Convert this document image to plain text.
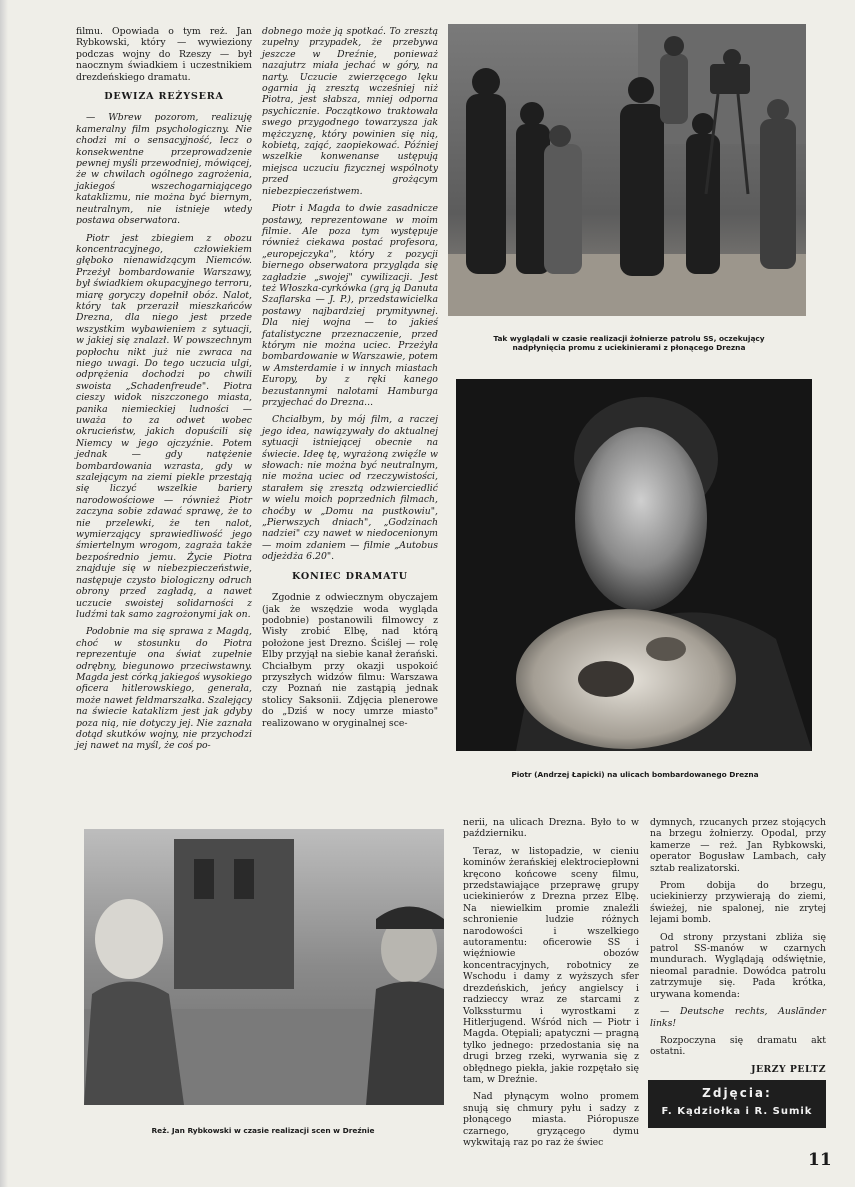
filmu. Opowiada o tym reż. Jan Rybkowski, który — wywieziony podczas wojny do Rzeszy — był naocznym świadkiem i uczestnikiem drezdeńskiego dramatu.

DEWIZA REŻYSERA

— Wbrew pozorom, realizuję kameralny film psychologiczny. Nie chodzi mi o sensacyjność, lecz o konsekwentne przeprowadzenie pewnej myśli przewodniej, mówiącej, że w chwilach ogólnego zagrożenia, jakiegoś wszechogarniającego kataklizmu, nie można być biernym, neutralnym, nie istnieje wtedy postawa obserwatora.

Piotr jest zbiegiem z obozu koncentracyjnego, człowiekiem głęboko nienawidzącym Niemców. Przeżył bombardowanie Warszawy, był świadkiem okupacyjnego terroru, miarę goryczy dopełnił obóz. Nalot, który tak przeraził mieszkańców Drezna, dla niego jest przede wszystkim wybawieniem z sytuacji, w jakiej się znalazł. W powszechnym popłochu nikt już nie zwraca na niego uwagi. Do tego uczucia ulgi, odprężenia dochodzi po chwili swoista „Schadenfreude". Piotra cieszy widok niszczonego miasta, panika niemieckiej ludności — uważa to za odwet wobec okrucieństw, jakich dopuścili się Niemcy w jego ojczyźnie. Potem jednak — gdy natężenie bombardowania wzrasta, gdy w szalejącym na ziemi piekle przestają się liczyć wszelkie bariery narodowościowe — również Piotr zaczyna sobie zdawać sprawę, że to nie przelewki, że ten nalot, wymierzający sprawiedliwość jego śmiertelnym wrogom, zagraża także bezpośrednio jemu. Życie Piotra znajduje się w niebezpieczeństwie, następuje czysto biologiczny odruch obrony przed zagładą, a nawet uczucie swoistej solidarności z ludźmi tak samo zagrożonymi jak on.

Podobnie ma się sprawa z Magdą, choć w stosunku do Piotra reprezentuje ona świat zupełnie odrębny, biegunowo przeciwstawny. Magda jest córką jakiegoś wysokiego oficera hitlerowskiego, generała, może nawet feldmarszałka. Szalejący na świecie kataklizm jest jak gdyby poza nią, nie dotyczy jej. Nie zaznała dotąd skutków wojny, nie przychodzi jej nawet na myśl, że coś po-

dobnego może ją spotkać. To zresztą zupełny przypadek, że przebywa jeszcze w Dreźnie, ponieważ nazajutrz miała jechać w góry, na narty. Uczucie zwierzęcego lęku ogarnia ją zresztą wcześniej niż Piotra, jest słabsza, mniej odporna psychicznie. Początkowo traktowała swego przygodnego towarzysza jak mężczyznę, który powinien się nią, kobietą, zająć, zaopiekować. Później wszelkie konwenanse ustępują miejsca uczuciu fizycznej wspólnoty przed grożącym niebezpieczeństwem.

Piotr i Magda to dwie zasadnicze postawy, reprezentowane w moim filmie. Ale poza tym występuje również ciekawa postać profesora, „europejczyka", który z pozycji biernego obserwatora przygląda się zagładzie „swojej" cywilizacji. Jest też Włoszka-cyrkówka (grą ją Danuta Szaflarska — J. P.), przedstawicielka postawy najbardziej prymitywnej. Dla niej wojna — to jakieś fatalistyczne przeznaczenie, przed którym nie można uciec. Przeżyła bombardowanie w Warszawie, potem w Amsterdamie i w innych miastach Europy, by z ręki kanego bezustannymi nalotami Hamburga przyjechać do Drezna...

Chciałbym, by mój film, a raczej jego idea, nawiązywały do aktualnej sytuacji istniejącej obecnie na świecie. Ideę tę, wyrażoną zwięźle w słowach: nie można być neutralnym, nie można uciec od rzeczywistości, starałem się zresztą odzwierciedlić w wielu moich poprzednich filmach, choćby w „Domu na pustkowiu", „Pierwszych dniach", „Godzinach nadziei" czy nawet w niedocenionym — moim zdaniem — filmie „Autobus odjeżdża 6.20".

KONIEC DRAMATU

Zgodnie z odwiecznym obyczajem (jak że wszędzie woda wygląda podobnie) postanowili filmowcy z Wisły zrobić Elbę, nad którą położone jest Drezno. Ściślej — rolę Elby przyjął na siebie kanał żerański. Chciałbym przy okazji uspokoić przyszłych widzów filmu: Warszawa czy Poznań nie zastąpią jednak stolicy Saksonii. Zdjęcia plenerowe do „Dziś w nocy umrze miasto" realizowano w oryginalnej sce-

Tak wyglądali w czasie realizacji żołnierze patrolu SS, oczekujący nadpłynięcia promu z uciekinierami z płonącego Drezna
Piotr (Andrzej Łapicki) na ulicach bombardowanego Drezna
Reż. Jan Rybkowski w czasie realizacji scen w Dreźnie

nerii, na ulicach Drezna. Było to w październiku.

Teraz, w listopadzie, w cieniu kominów żerańskiej elektrociepłowni kręcono końcowe sceny filmu, przedstawiające przeprawę grupy uciekinierów z Drezna przez Elbę. Na niewielkim promie znaleźli schronienie ludzie różnych narodowości i wszelkiego autoramentu: oficerowie SS i więźniowie obozów koncentracyjnych, robotnicy ze Wschodu i damy z wyższych sfer drezdeńskich, jeńcy angielscy i radzieccy wraz ze starcami z Volkssturmu i wyrostkami z Hitlerjugend. Wśród nich — Piotr i Magda. Otępiali; apatyczni — pragną tylko jednego: przedostania się na drugi brzeg rzeki, wyrwania się z obłędnego piekła, jakie rozpętało się tam, w Dreźnie.

Nad płynącym wolno promem snują się chmury pyłu i sadzy z płonącego miasta. Pióropusze czarnego, gryzącego dymu wykwitają raz po raz że świec

dymnych, rzucanych przez stojących na brzegu żołnierzy. Opodal, przy kamerze — reż. Jan Rybkowski, operator Bogusław Lambach, cały sztab realizatorski.

Prom dobija do brzegu, uciekinierzy przywierają do ziemi, świeżej, nie spalonej, nie zrytej lejami bomb.

Od strony przystani zbliża się patrol SS-manów w czarnych mundurach. Wyglądają odświętnie, nieomal paradnie. Dowódca patrolu zatrzymuje się. Pada krótka, urywana komenda:

— Deutsche rechts, Ausländer links!

Rozpoczyna się dramatu akt ostatni.

JERZY PELTZ
Zdjęcia:
F. Kądziołka i R. Sumik
11
